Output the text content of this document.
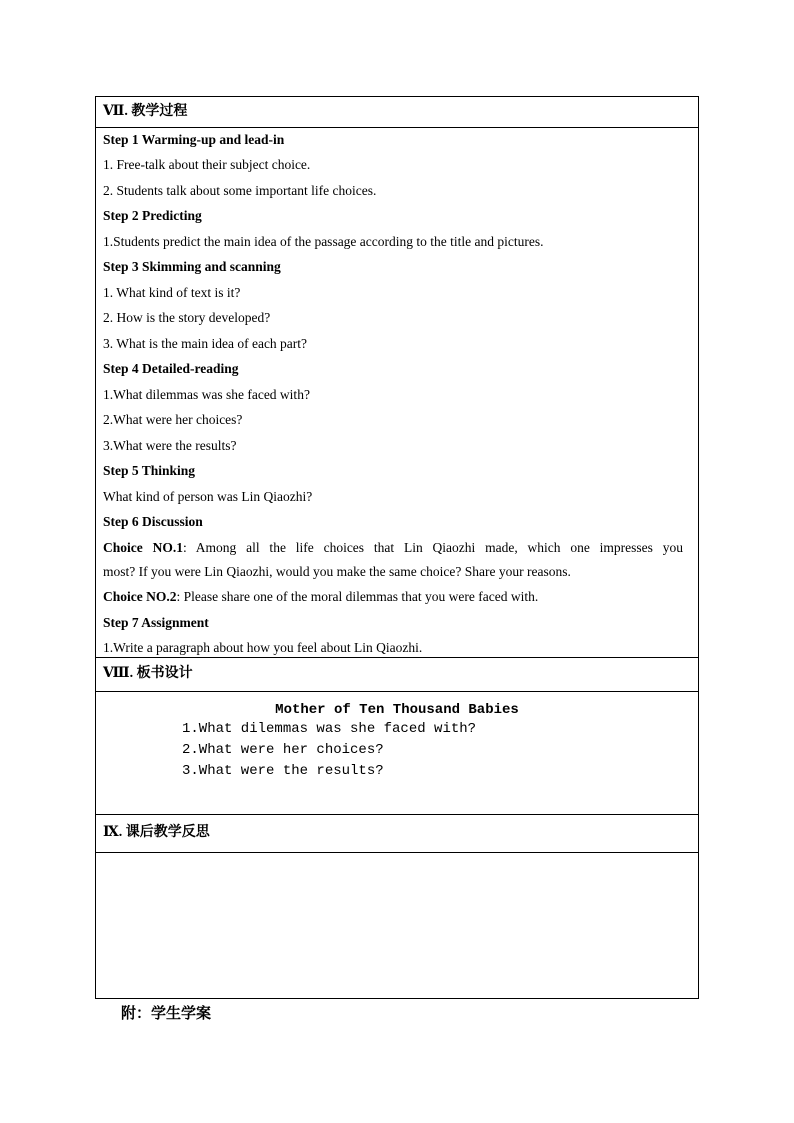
Ⅶ. 教学过程
Step 1 Warming-up and lead-in
1. Free-talk about their subject choice.
2. Students talk about some important life choices.
Step 2 Predicting
1.Students predict the main idea of the passage according to the title and pictures.
Step 3 Skimming and scanning
1. What kind of text is it?
2. How is the story developed?
3. What is the main idea of each part?
Step 4 Detailed-reading
1.What dilemmas was she faced with?
2.What were her choices?
3.What were the results?
Step 5 Thinking
What kind of person was Lin Qiaozhi?
Step 6 Discussion
Choice NO.1: Among all the life choices that Lin Qiaozhi made, which one impresses you
most? If you were Lin Qiaozhi, would you make the same choice? Share your reasons.
Choice NO.2: Please share one of the moral dilemmas that you were faced with.
Step 7 Assignment
1.Write a paragraph about how you feel about Lin Qiaozhi.
Ⅷ. 板书设计
Mother of Ten Thousand Babies
1.What dilemmas was she faced with?
2.What were her choices?
3.What were the results?
Ⅸ. 课后教学反思
附：学生学案
